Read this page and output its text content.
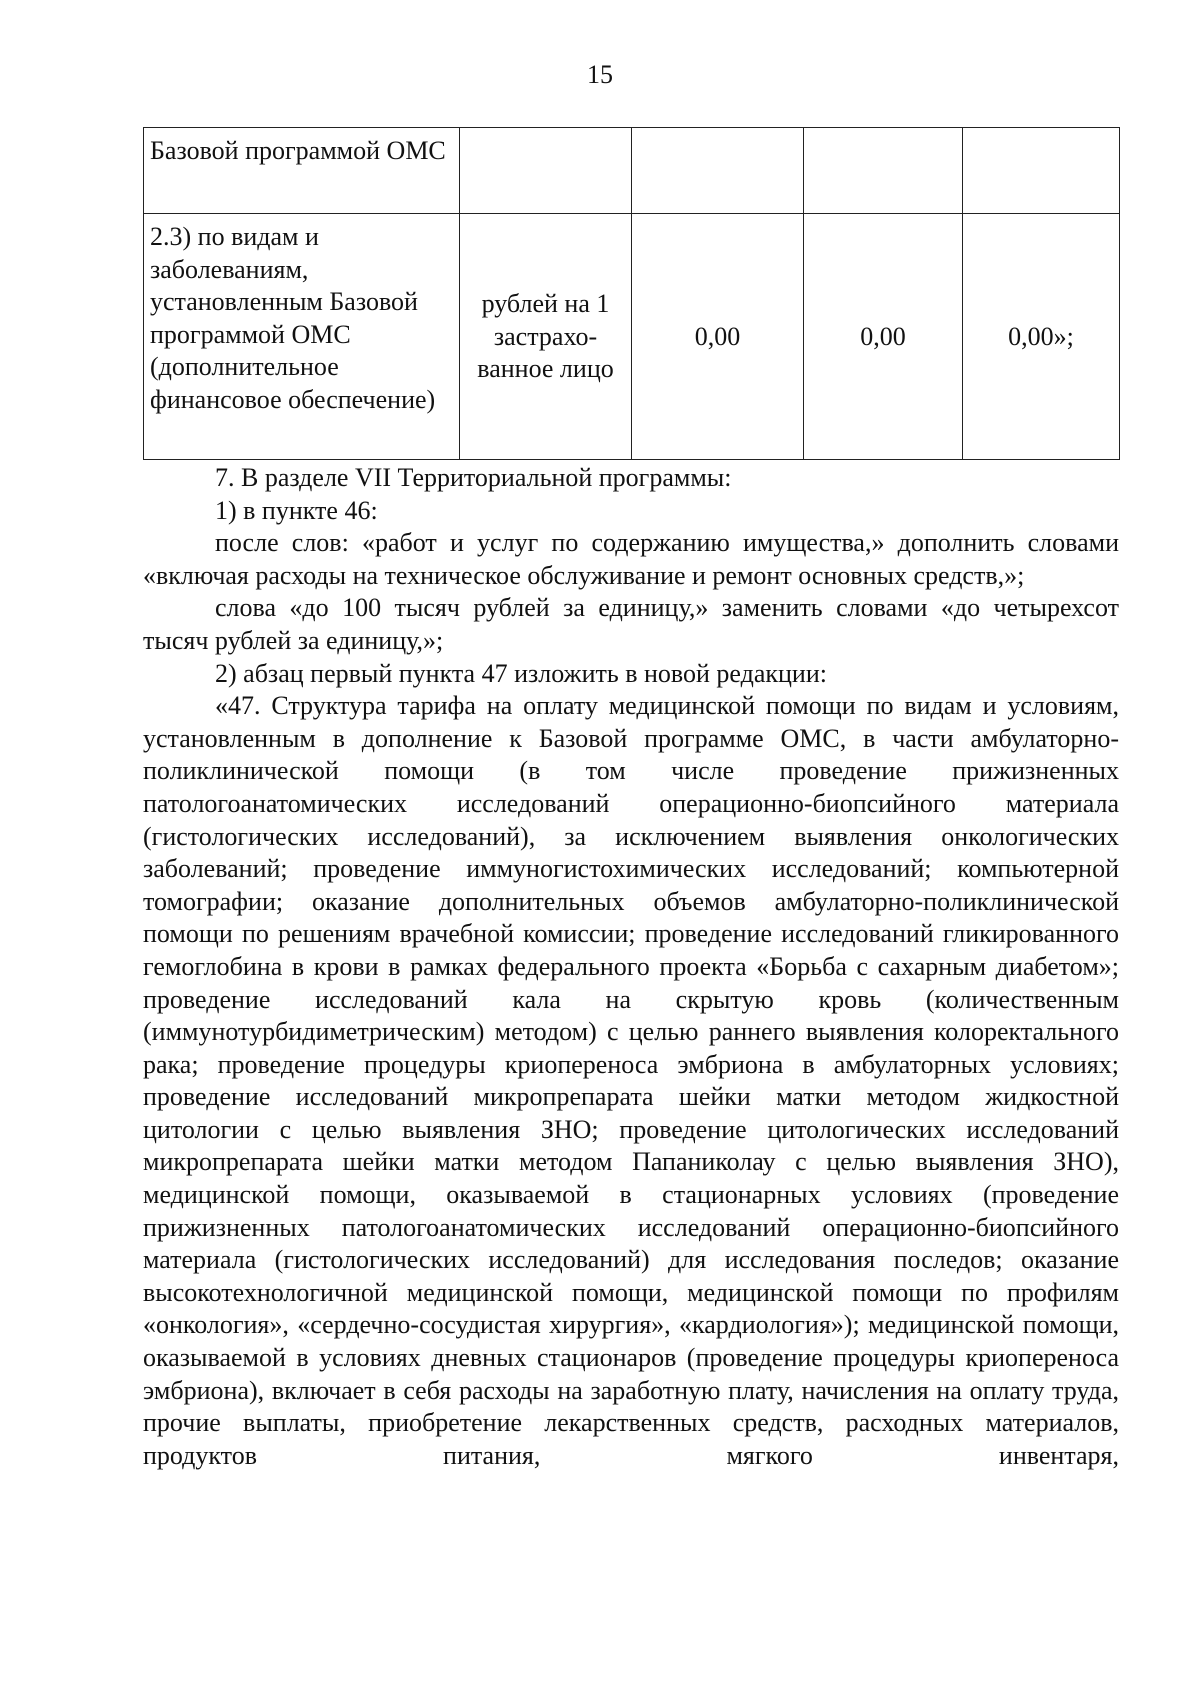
15
Базовой программой ОМС				
2.3) по видам и заболеваниям, установленным Базовой программой ОМС (дополнительное финансовое обеспечение)	рублей на 1 застрахо-ванное лицо	0,00	0,00	0,00»;

7. В разделе VII Территориальной программы:

1) в пункте 46:

после слов: «работ и услуг по содержанию имущества,» дополнить словами «включая расходы на техническое обслуживание и ремонт основных средств,»;

слова «до 100 тысяч рублей за единицу,» заменить словами «до четырехсот тысяч рублей за единицу,»;

2) абзац первый пункта 47 изложить в новой редакции:

«47. Структура тарифа на оплату медицинской помощи по видам и условиям, установленным в дополнение к Базовой программе ОМС, в части амбулаторно-поликлинической помощи (в том числе проведение прижизненных патологоанатомических исследований операционно-биопсийного материала (гистологических исследований), за исключением выявления онкологических заболеваний; проведение иммуногистохимических исследований; компьютерной томографии; оказание дополнительных объемов амбулаторно-поликлинической помощи по решениям врачебной комиссии; проведение исследований гликированного гемоглобина в крови в рамках федерального проекта «Борьба с сахарным диабетом»; проведение исследований кала на скрытую кровь (количественным (иммунотурбидиметрическим) методом) с целью раннего выявления колоректального рака; проведение процедуры криопереноса эмбриона в амбулаторных условиях; проведение исследований микропрепарата шейки матки методом жидкостной цитологии с целью выявления ЗНО; проведение цитологических исследований микропрепарата шейки матки методом Папаниколау с целью выявления ЗНО), медицинской помощи, оказываемой в стационарных условиях (проведение прижизненных патологоанатомических исследований операционно-биопсийного материала (гистологических исследований) для исследования последов; оказание высокотехнологичной медицинской помощи, медицинской помощи по профилям «онкология», «сердечно-сосудистая хирургия», «кардиология»); медицинской помощи, оказываемой в условиях дневных стационаров (проведение процедуры криопереноса эмбриона), включает в себя расходы на заработную плату, начисления на оплату труда, прочие выплаты, приобретение лекарственных средств, расходных материалов, продуктов питания, мягкого инвентаря,
